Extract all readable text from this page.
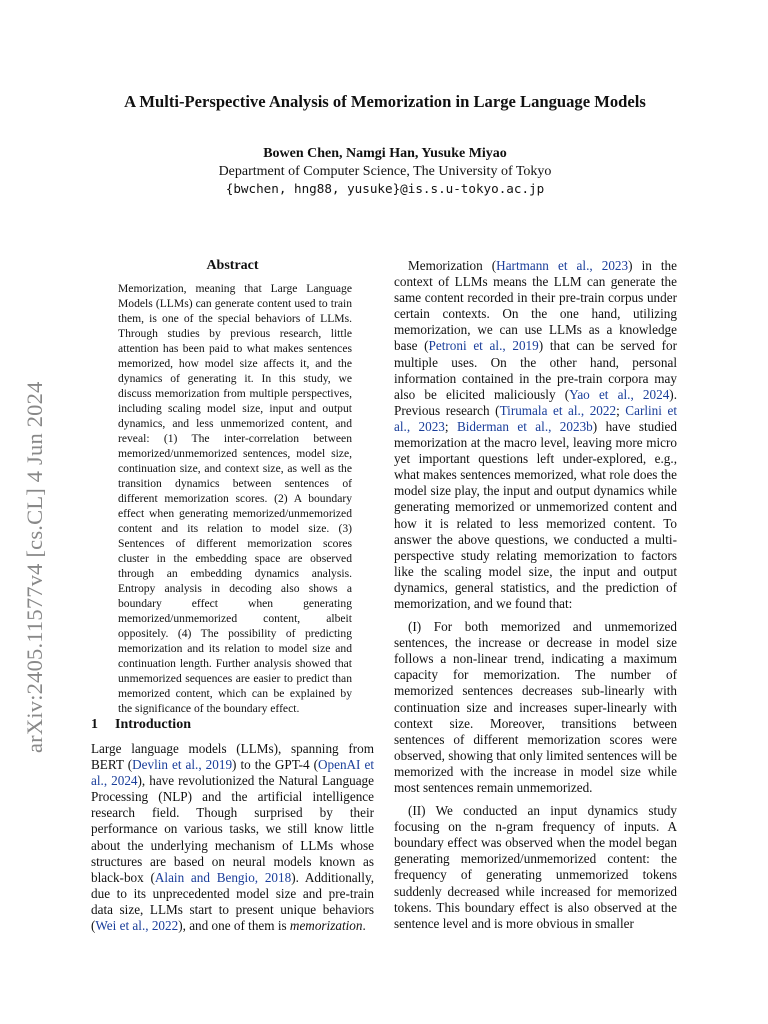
arXiv:2405.11577v4 [cs.CL] 4 Jun 2024
A Multi-Perspective Analysis of Memorization in Large Language Models
Bowen Chen, Namgi Han, Yusuke Miyao
Department of Computer Science, The University of Tokyo
{bwchen, hng88, yusuke}@is.s.u-tokyo.ac.jp
Abstract
Memorization, meaning that Large Language Models (LLMs) can generate content used to train them, is one of the special behaviors of LLMs. Through studies by previous research, little attention has been paid to what makes sentences memorized, how model size affects it, and the dynamics of generating it. In this study, we discuss memorization from multiple perspectives, including scaling model size, input and output dynamics, and less unmemorized content, and reveal: (1) The inter-correlation between memorized/unmemorized sentences, model size, continuation size, and context size, as well as the transition dynamics between sentences of different memorization scores. (2) A boundary effect when generating memorized/unmemorized content and its relation to model size. (3) Sentences of different memorization scores cluster in the embedding space are observed through an embedding dynamics analysis. Entropy analysis in decoding also shows a boundary effect when generating memorized/unmemorized content, albeit oppositely. (4) The possibility of predicting memorization and its relation to model size and continuation length. Further analysis showed that unmemorized sequences are easier to predict than memorized content, which can be explained by the significance of the boundary effect.
1 Introduction

Large language models (LLMs), spanning from BERT (Devlin et al., 2019) to the GPT-4 (OpenAI et al., 2024), have revolutionized the Natural Language Processing (NLP) and the artificial intelligence research field. Though surprised by their performance on various tasks, we still know little about the underlying mechanism of LLMs whose structures are based on neural models known as black-box (Alain and Bengio, 2018). Additionally, due to its unprecedented model size and pre-train data size, LLMs start to present unique behaviors (Wei et al., 2022), and one of them is memorization.

Memorization (Hartmann et al., 2023) in the context of LLMs means the LLM can generate the same content recorded in their pre-train corpus under certain contexts. On the one hand, utilizing memorization, we can use LLMs as a knowledge base (Petroni et al., 2019) that can be served for multiple uses. On the other hand, personal information contained in the pre-train corpora may also be elicited maliciously (Yao et al., 2024). Previous research (Tirumala et al., 2022; Carlini et al., 2023; Biderman et al., 2023b) have studied memorization at the macro level, leaving more micro yet important questions left under-explored, e.g., what makes sentences memorized, what role does the model size play, the input and output dynamics while generating memorized or unmemorized content and how it is related to less memorized content. To answer the above questions, we conducted a multi-perspective study relating memorization to factors like the scaling model size, the input and output dynamics, general statistics, and the prediction of memorization, and we found that:

(I) For both memorized and unmemorized sentences, the increase or decrease in model size follows a non-linear trend, indicating a maximum capacity for memorization. The number of memorized sentences decreases sub-linearly with continuation size and increases super-linearly with context size. Moreover, transitions between sentences of different memorization scores were observed, showing that only limited sentences will be memorized with the increase in model size while most sentences remain unmemorized.

(II) We conducted an input dynamics study focusing on the n-gram frequency of inputs. A boundary effect was observed when the model began generating memorized/unmemorized content: the frequency of generating unmemorized tokens suddenly decreased while increased for memorized tokens. This boundary effect is also observed at the sentence level and is more obvious in smaller
